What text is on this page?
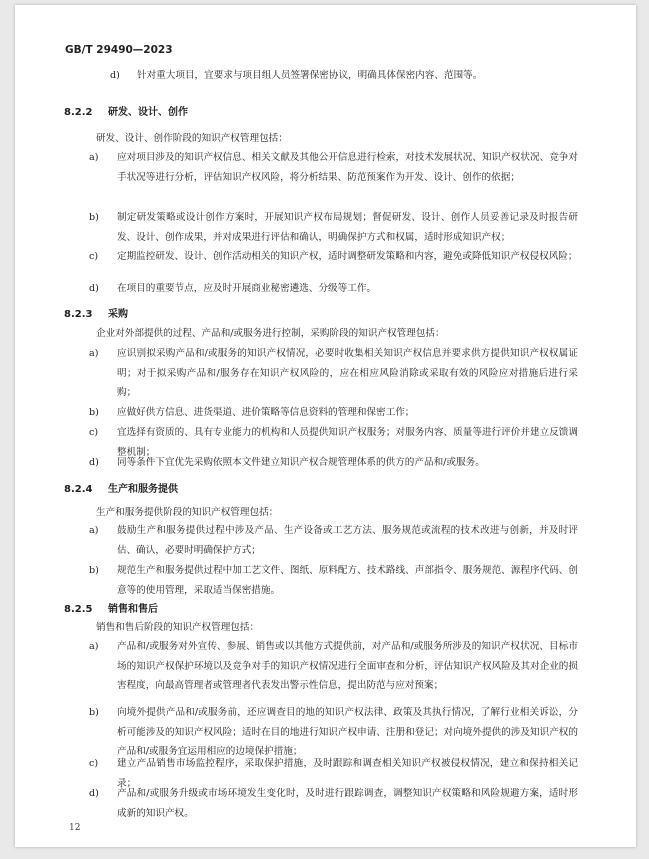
GB/T 29490—2023
d)	针对重大项目，宜要求与项目组人员签署保密协议，明确具体保密内容、范围等。
8.2.2 研发、设计、创作
研发、设计、创作阶段的知识产权管理包括：
a) 应对项目涉及的知识产权信息、相关文献及其他公开信息进行检索，对技术发展状况、知识产权状况、竞争对手状况等进行分析，评估知识产权风险，将分析结果、防范预案作为开发、设计、创作的依据；
b) 制定研发策略或设计创作方案时，开展知识产权布局规划；督促研发、设计、创作人员妥善记录及时报告研发、设计、创作成果，并对成果进行评估和确认，明确保护方式和权属，适时形成知识产权；
c) 定期监控研发、设计、创作活动相关的知识产权，适时调整研发策略和内容，避免或降低知识产权侵权风险；
d) 在项目的重要节点，应及时开展商业秘密遴选、分级等工作。
8.2.3 采购
企业对外部提供的过程、产品和/或服务进行控制，采购阶段的知识产权管理包括：
a) 应识别拟采购产品和/或服务的知识产权情况，必要时收集相关知识产权信息并要求供方提供知识产权权属证明；对于拟采购产品和/服务存在知识产权风险的，应在相应风险消除或采取有效的风险应对措施后进行采购；
b) 应做好供方信息、进货渠道、进价策略等信息资料的管理和保密工作；
c) 宜选择有资质的、具有专业能力的机构和人员提供知识产权服务；对服务内容、质量等进行评价并建立反馈调整机制；
d) 同等条件下宜优先采购依照本文件建立知识产权合规管理体系的供方的产品和/或服务。
8.2.4 生产和服务提供
生产和服务提供阶段的知识产权管理包括：
a) 鼓励生产和服务提供过程中涉及产品、生产设备或工艺方法、服务规范或流程的技术改进与创新，并及时评估、确认，必要时明确保护方式；
b) 规范生产和服务提供过程中加工艺文件、图纸、原料配方、技术路线、声部指令、服务规范、源程序代码、创意等的使用管理，采取适当保密措施。
8.2.5 销售和售后
销售和售后阶段的知识产权管理包括：
a) 产品和/或服务对外宣传、参展、销售或以其他方式提供前，对产品和/或服务所涉及的知识产权状况、目标市场的知识产权保护环境以及竞争对手的知识产权情况进行全面审查和分析，评估知识产权风险及其对企业的损害程度，向最高管理者或管理者代表发出警示性信息，提出防范与应对预案；
b) 向境外提供产品和/或服务前，还应调查目的地的知识产权法律、政策及其执行情况，了解行业相关诉讼，分析可能涉及的知识产权风险；适时在目的地进行知识产权申请、注册和登记；对向境外提供的涉及知识产权的产品和/或服务宜运用相应的边境保护措施；
c) 建立产品销售市场监控程序，采取保护措施，及时跟踪和调查相关知识产权被侵权情况，建立和保持相关记录；
d) 产品和/或服务升级或市场环境发生变化时，及时进行跟踪调查，调整知识产权策略和风险规避方案，适时形成新的知识产权。
12
